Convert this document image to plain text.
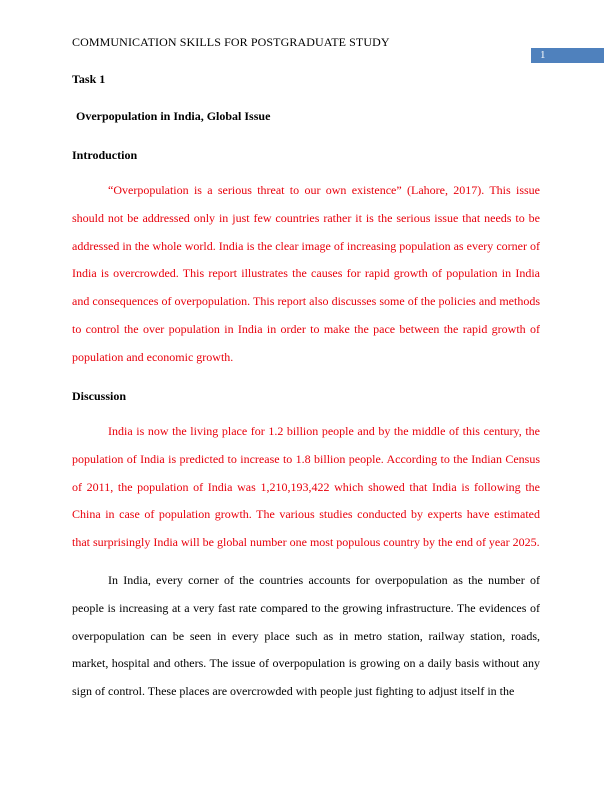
COMMUNICATION SKILLS FOR POSTGRADUATE STUDY
1
Task 1
Overpopulation in India, Global Issue
Introduction

“Overpopulation is a serious threat to our own existence” (Lahore, 2017). This issue should not be addressed only in just few countries rather it is the serious issue that needs to be addressed in the whole world. India is the clear image of increasing population as every corner of India is overcrowded. This report illustrates the causes for rapid growth of population in India and consequences of overpopulation. This report also discusses some of the policies and methods to control the over population in India in order to make the pace between the rapid growth of population and economic growth.

Discussion

India is now the living place for 1.2 billion people and by the middle of this century, the population of India is predicted to increase to 1.8 billion people. According to the Indian Census of 2011, the population of India was 1,210,193,422 which showed that India is following the China in case of population growth. The various studies conducted by experts have estimated that surprisingly India will be global number one most populous country by the end of year 2025.

In India, every corner of the countries accounts for overpopulation as the number of people is increasing at a very fast rate compared to the growing infrastructure. The evidences of overpopulation can be seen in every place such as in metro station, railway station, roads, market, hospital and others. The issue of overpopulation is growing on a daily basis without any sign of control. These places are overcrowded with people just fighting to adjust itself in the
